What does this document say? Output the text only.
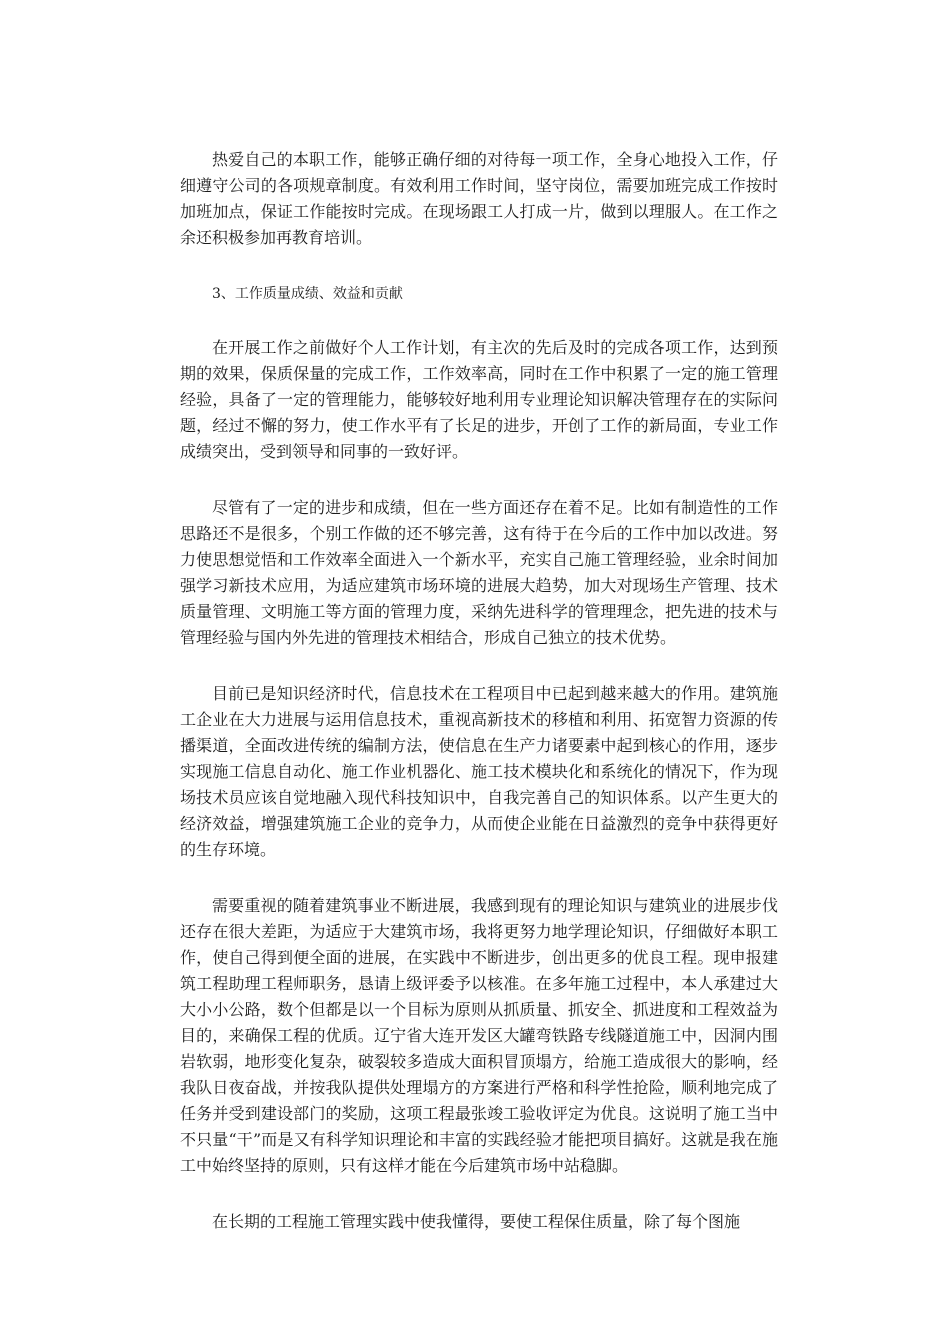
热爱自己的本职工作，能够正确仔细的对待每一项工作，全身心地投入工作，仔细遵守公司的各项规章制度。有效利用工作时间，坚守岗位，需要加班完成工作按时加班加点，保证工作能按时完成。在现场跟工人打成一片，做到以理服人。在工作之余还积极参加再教育培训。

3、工作质量成绩、效益和贡献

在开展工作之前做好个人工作计划，有主次的先后及时的完成各项工作，达到预期的效果，保质保量的完成工作，工作效率高，同时在工作中积累了一定的施工管理经验，具备了一定的管理能力，能够较好地利用专业理论知识解决管理存在的实际问题，经过不懈的努力，使工作水平有了长足的进步，开创了工作的新局面，专业工作成绩突出，受到领导和同事的一致好评。

尽管有了一定的进步和成绩，但在一些方面还存在着不足。比如有制造性的工作思路还不是很多，个别工作做的还不够完善，这有待于在今后的工作中加以改进。努力使思想觉悟和工作效率全面进入一个新水平，充实自己施工管理经验，业余时间加强学习新技术应用，为适应建筑市场环境的进展大趋势，加大对现场生产管理、技术质量管理、文明施工等方面的管理力度，采纳先进科学的管理理念，把先进的技术与管理经验与国内外先进的管理技术相结合，形成自己独立的技术优势。

目前已是知识经济时代，信息技术在工程项目中已起到越来越大的作用。建筑施工企业在大力进展与运用信息技术，重视高新技术的移植和利用、拓宽智力资源的传播渠道，全面改进传统的编制方法，使信息在生产力诸要素中起到核心的作用，逐步实现施工信息自动化、施工作业机器化、施工技术模块化和系统化的情况下，作为现场技术员应该自觉地融入现代科技知识中，自我完善自己的知识体系。以产生更大的经济效益，增强建筑施工企业的竞争力，从而使企业能在日益激烈的竞争中获得更好的生存环境。

需要重视的随着建筑事业不断进展，我感到现有的理论知识与建筑业的进展步伐还存在很大差距，为适应于大建筑市场，我将更努力地学理论知识，仔细做好本职工作，使自己得到便全面的进展，在实践中不断进步，创出更多的优良工程。现申报建筑工程助理工程师职务，恳请上级评委予以核准。在多年施工过程中，本人承建过大大小小公路，数个但都是以一个目标为原则从抓质量、抓安全、抓进度和工程效益为目的，来确保工程的优质。辽宁省大连开发区大罐弯铁路专线隧道施工中，因洞内围岩软弱，地形变化复杂，破裂较多造成大面积冒顶塌方，给施工造成很大的影响，经我队日夜奋战，并按我队提供处理塌方的方案进行严格和科学性抢险，顺利地完成了任务并受到建设部门的奖励，这项工程最张竣工验收评定为优良。这说明了施工当中不只量“干”而是又有科学知识理论和丰富的实践经验才能把项目搞好。这就是我在施工中始终坚持的原则，只有这样才能在今后建筑市场中站稳脚。

在长期的工程施工管理实践中使我懂得，要使工程保住质量，除了每个图施
